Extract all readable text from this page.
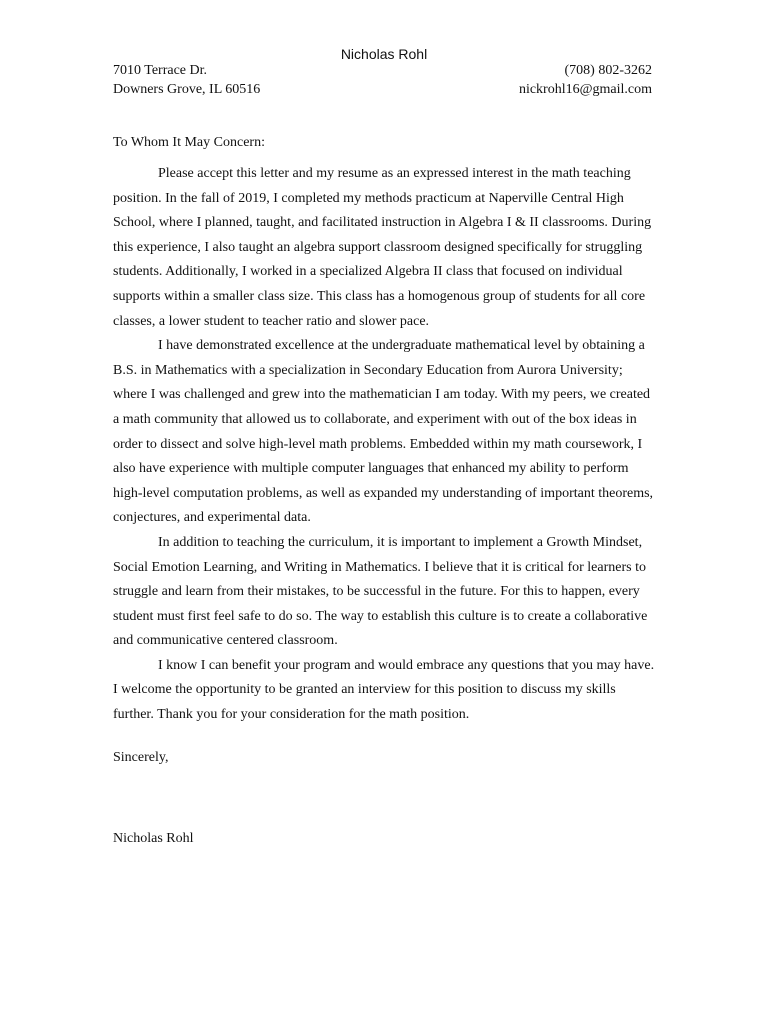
Nicholas Rohl
7010 Terrace Dr.	(708) 802-3262
Downers Grove, IL 60516	nickrohl16@gmail.com
To Whom It May Concern:

Please accept this letter and my resume as an expressed interest in the math teaching position. In the fall of 2019, I completed my methods practicum at Naperville Central High School, where I planned, taught, and facilitated instruction in Algebra I & II classrooms. During this experience, I also taught an algebra support classroom designed specifically for struggling students. Additionally, I worked in a specialized Algebra II class that focused on individual supports within a smaller class size. This class has a homogenous group of students for all core classes, a lower student to teacher ratio and slower pace.

I have demonstrated excellence at the undergraduate mathematical level by obtaining a B.S. in Mathematics with a specialization in Secondary Education from Aurora University; where I was challenged and grew into the mathematician I am today. With my peers, we created a math community that allowed us to collaborate, and experiment with out of the box ideas in order to dissect and solve high-level math problems. Embedded within my math coursework, I also have experience with multiple computer languages that enhanced my ability to perform high-level computation problems, as well as expanded my understanding of important theorems, conjectures, and experimental data.

In addition to teaching the curriculum, it is important to implement a Growth Mindset, Social Emotion Learning, and Writing in Mathematics. I believe that it is critical for learners to struggle and learn from their mistakes, to be successful in the future. For this to happen, every student must first feel safe to do so. The way to establish this culture is to create a collaborative and communicative centered classroom.

I know I can benefit your program and would embrace any questions that you may have. I welcome the opportunity to be granted an interview for this position to discuss my skills further. Thank you for your consideration for the math position.

Sincerely,
Nicholas Rohl
